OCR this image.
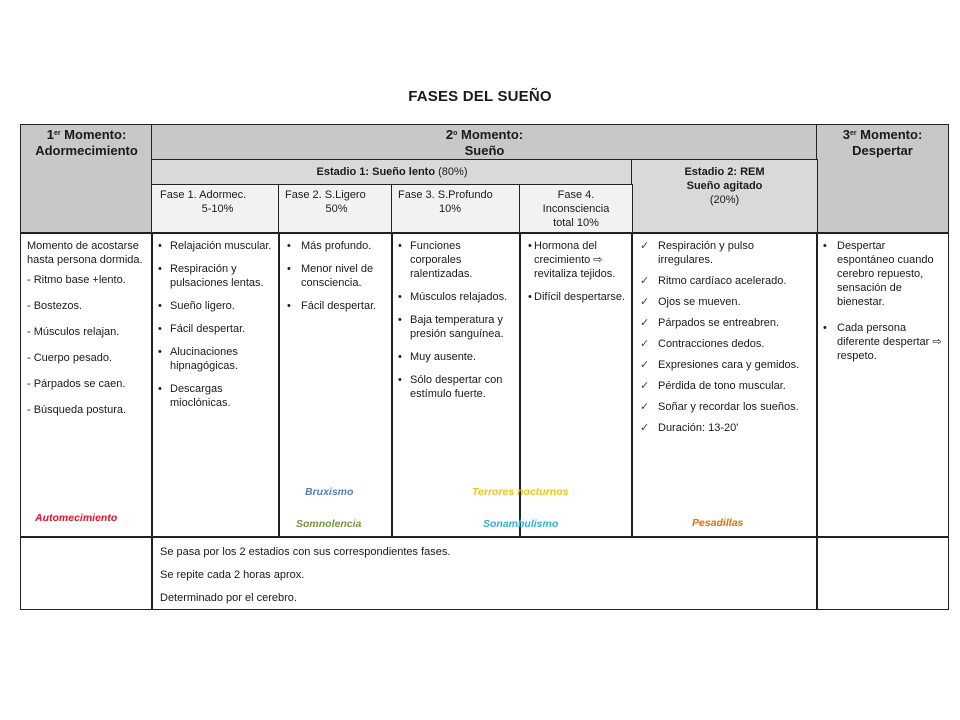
FASES DEL SUEÑO
1er Momento:
Adormecimiento
2$^o$ Momento:
Sueño
3er Momento:
Despertar
Estadio 1: Sueño lento (80%)	Estadio 2: REM
Sueño agitado
(20%)
Fase 1. Adormec.
5-10%
Fase 2. S.Ligero
50%
Fase 3. S.Profundo
10%
Fase 4.
Inconsciencia
total 10%

Momento de acostarse hasta persona dormida.

- Ritmo base +lento.

- Bostezos.

- Músculos relajan.

- Cuerpo pesado.

- Párpados se caen.

- Búsqueda postura.

• Relajación muscular.
• Respiración y pulsaciones lentas.
• Sueño ligero.
• Fácil despertar.
• Alucinaciones hipnagógicas.
• Descargas mioclónicas.
• Más profundo.
• Menor nivel de consciencia.
• Fácil despertar.
• Funciones corporales ralentizadas.
• Músculos relajados.
• Baja temperatura y presión sanguínea.
• Muy ausente.
• Sólo despertar con estímulo fuerte.
• Hormona del crecimiento ⇨ revitaliza tejidos.
• Difícil despertarse.
✓ Respiración y pulso irregulares.
✓ Ritmo cardíaco acelerado.
✓ Ojos se mueven.
✓ Párpados se entreabren.
✓ Contracciones dedos.
✓ Expresiones cara y gemidos.
✓ Pérdida de tono muscular.
✓ Soñar y recordar los sueños.
✓ Duración: 13-20'
• Despertar espontáneo cuando cerebro repuesto, sensación de bienestar.
• Cada persona diferente despertar ⇨ respeto.
Automecimiento
Bruxismo
Somnolencia
Terrores nocturnos
Sonambulismo	Pesadillas

Se pasa por los 2 estadios con sus correspondientes fases.

Se repite cada 2 horas aprox.

Determinado por el cerebro.
